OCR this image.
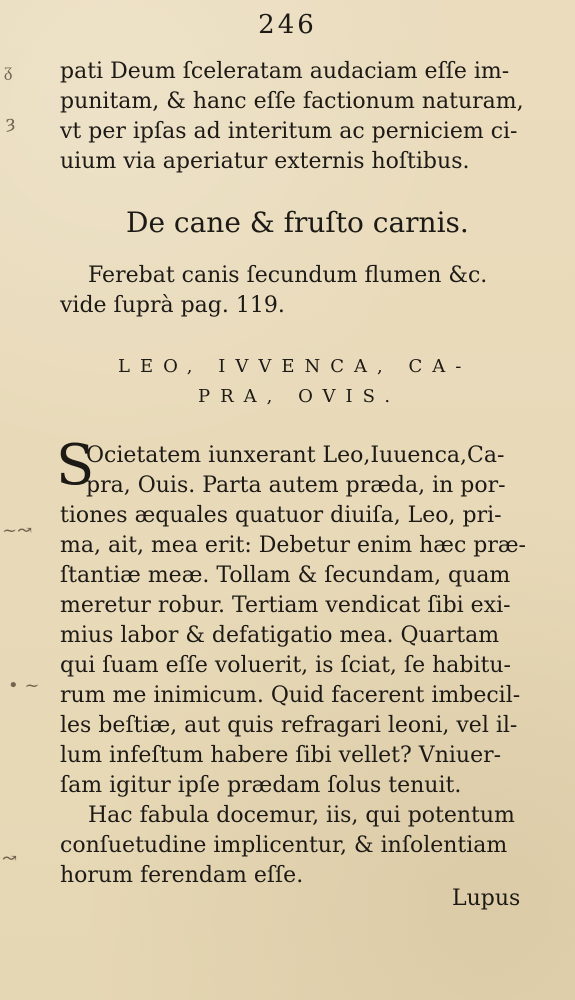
246
ᵹ
ȝ
~↝
• ~
↝
pati Deum ſceleratam audaciam eſſe im-
punitam, & hanc eſſe factionum naturam,
vt per ipſas ad interitum ac perniciem ci-
uium via aperiatur externis hoſtibus.
De cane & fruſto carnis.
Ferebat canis ſecundum flumen &c.
vide ſuprà pag. 119.
LEO, IVVENCA, CA-
PRA, OVIS.
S
Ocietatem iunxerant Leo,Iuuenca,Ca-
pra, Ouis. Parta autem præda, in por-
tiones æquales quatuor diuiſa, Leo, pri-
ma, ait, mea erit: Debetur enim hæc præ-
ſtantiæ meæ. Tollam & ſecundam, quam
meretur robur. Tertiam vendicat ſibi exi-
mius labor & defatigatio mea. Quartam
qui ſuam eſſe voluerit, is ſciat, ſe habitu-
rum me inimicum. Quid facerent imbecil-
les beſtiæ, aut quis refragari leoni, vel il-
lum infeſtum habere ſibi vellet? Vniuer-
ſam igitur ipſe prædam ſolus tenuit.
Hac fabula docemur, iis, qui potentum
conſuetudine implicentur, & inſolentiam
horum ferendam eſſe.
Lupus
